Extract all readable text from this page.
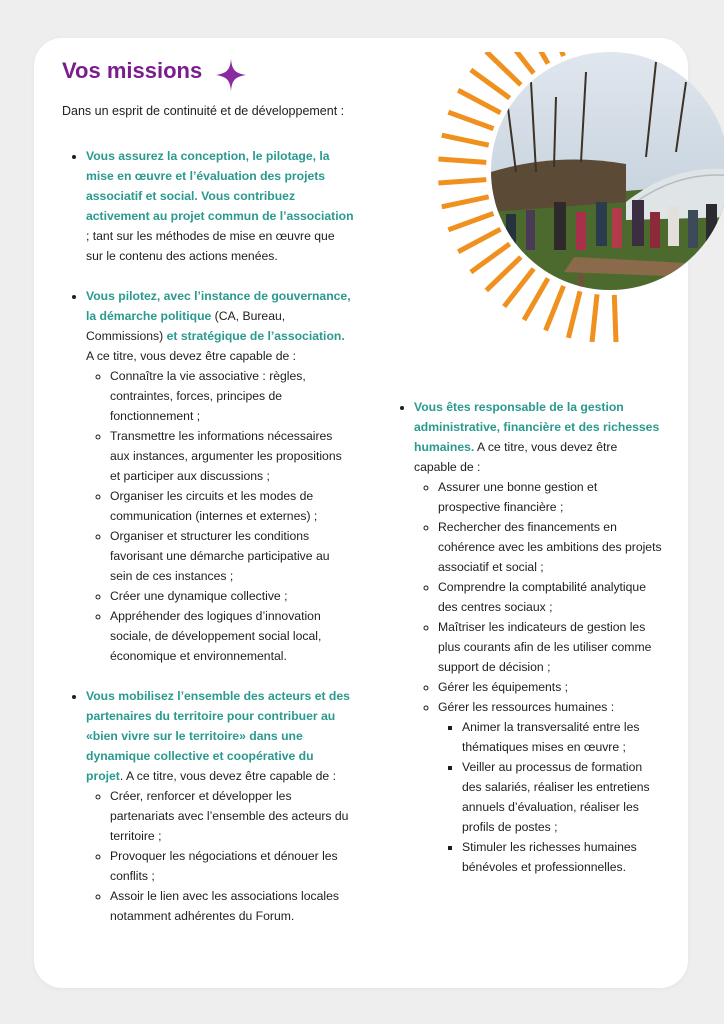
Vos missions

Dans un esprit de continuité et de développement :

• Vous assurez la conception, le pilotage, la mise en œuvre et l’évaluation des projets associatif et social. Vous contribuez activement au projet commun de l’association ; tant sur les méthodes de mise en œuvre que sur le contenu des actions menées.
• Vous pilotez, avec l’instance de gouvernance, la démarche politique (CA, Bureau, Commissions) et stratégique de l’association. A ce titre, vous devez être capable de :
◦ Connaître la vie associative : règles, contraintes, forces, principes de fonctionnement ;
◦ Transmettre les informations nécessaires aux instances, argumenter les propositions et participer aux discussions ;
◦ Organiser les circuits et les modes de communication (internes et externes) ;
◦ Organiser et structurer les conditions favorisant une démarche participative au sein de ces instances ;
◦ Créer une dynamique collective ;
◦ Appréhender des logiques d’innovation sociale, de développement social local, économique et environnemental.
• Vous mobilisez l’ensemble des acteurs et des partenaires du territoire pour contribuer au «bien vivre sur le territoire» dans une dynamique collective et coopérative du projet. A ce titre, vous devez être capable de :
◦ Créer, renforcer et développer les partenariats avec l’ensemble des acteurs du territoire ;
◦ Provoquer les négociations et dénouer les conflits ;
◦ Assoir le lien avec les associations locales notamment adhérentes du Forum.
• Vous êtes responsable de la gestion administrative, financière et des richesses humaines. A ce titre, vous devez être capable de :
◦ Assurer une bonne gestion et prospective financière ;
◦ Rechercher des financements en cohérence avec les ambitions des projets associatif et social ;
◦ Comprendre la comptabilité analytique des centres sociaux ;
◦ Maîtriser les indicateurs de gestion les plus courants afin de les utiliser comme support de décision ;
◦ Gérer les équipements ;
◦ Gérer les ressources humaines :
▪ Animer la transversalité entre les thématiques mises en œuvre ;
▪ Veiller au processus de formation des salariés, réaliser les entretiens annuels d’évaluation, réaliser les profils de postes ;
▪ Stimuler les richesses humaines bénévoles et professionnelles.
